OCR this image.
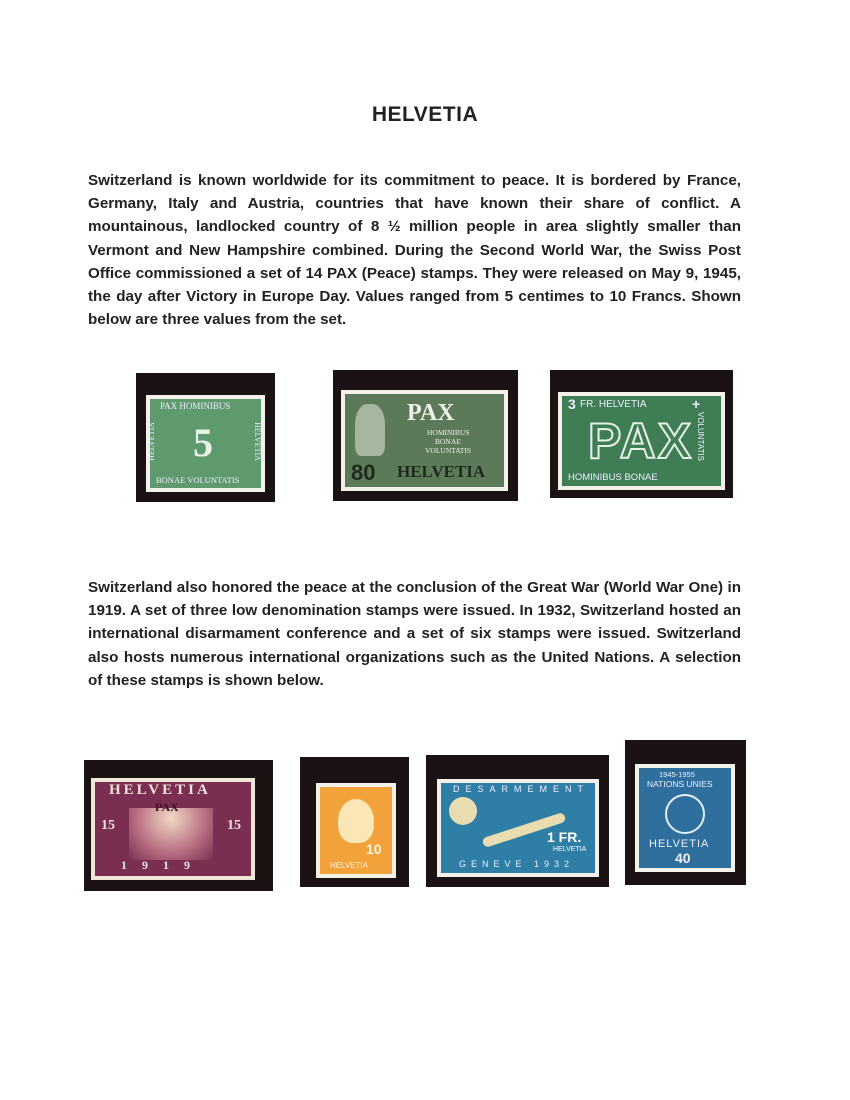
HELVETIA
Switzerland is known worldwide for its commitment to peace. It is bordered by France, Germany, Italy and Austria, countries that have known their share of conflict. A mountainous, landlocked country of 8 ½ million people in area slightly smaller than Vermont and New Hampshire combined. During the Second World War, the Swiss Post Office commissioned a set of 14 PAX (Peace) stamps. They were released on May 9, 1945, the day after Victory in Europe Day. Values ranged from 5 centimes to 10 Francs. Shown below are three values from the set.
Switzerland also honored the peace at the conclusion of the Great War (World War One) in 1919. A set of three low denomination stamps were issued. In 1932, Switzerland hosted an international disarmament conference and a set of six stamps were issued. Switzerland also hosts numerous international organizations such as the United Nations. A selection of these stamps is shown below.
PAX HOMINIBUS
5
BONAE VOLUNTATIS
HELVETIA	HELVETIA
PAX
HOMINIBUS
BONAE
VOLUNTATIS
80 HELVETIA
3 FR. HELVETIA	+
PAX
HOMINIBUS BONAE
VOLUNTATIS
HELVETIA
PAX
15	15
1 9 1 9
10
HELVETIA
DESARMEMENT
1 FR.
HELVETIA
GENEVE 1932
1945-1955
NATIONS UNIES
HELVETIA
40
